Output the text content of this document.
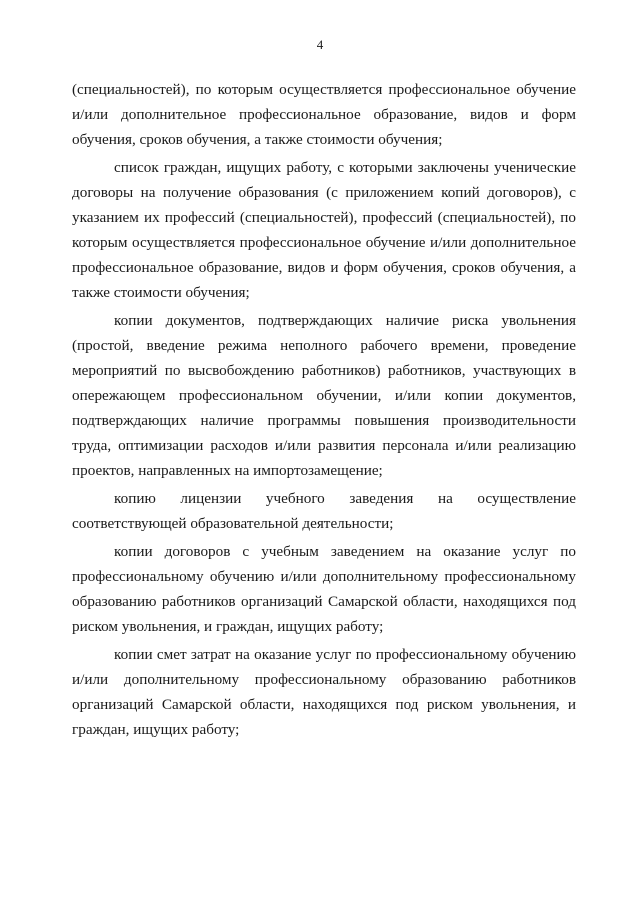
4

(специальностей), по которым осуществляется профессиональное обучение и/или дополнительное профессиональное образование, видов и форм обучения, сроков обучения, а также стоимости обучения;

список граждан, ищущих работу, с которыми заключены ученические договоры на получение образования (с приложением копий договоров), с указанием их профессий (специальностей), профессий (специальностей), по которым осуществляется профессиональное обучение и/или дополнительное профессиональное образование, видов и форм обучения, сроков обучения, а также стоимости обучения;

копии документов, подтверждающих наличие риска увольнения (простой, введение режима неполного рабочего времени, проведение мероприятий по высвобождению работников) работников, участвующих в опережающем профессиональном обучении, и/или копии документов, подтверждающих наличие программы повышения производительности труда, оптимизации расходов и/или развития персонала и/или реализацию проектов, направленных на импортозамещение;

копию лицензии учебного заведения на осуществление соответствующей образовательной деятельности;

копии договоров с учебным заведением на оказание услуг по профессиональному обучению и/или дополнительному профессиональному образованию работников организаций Самарской области, находящихся под риском увольнения, и граждан, ищущих работу;

копии смет затрат на оказание услуг по профессиональному обучению и/или дополнительному профессиональному образованию работников организаций Самарской области, находящихся под риском увольнения, и граждан, ищущих работу;
